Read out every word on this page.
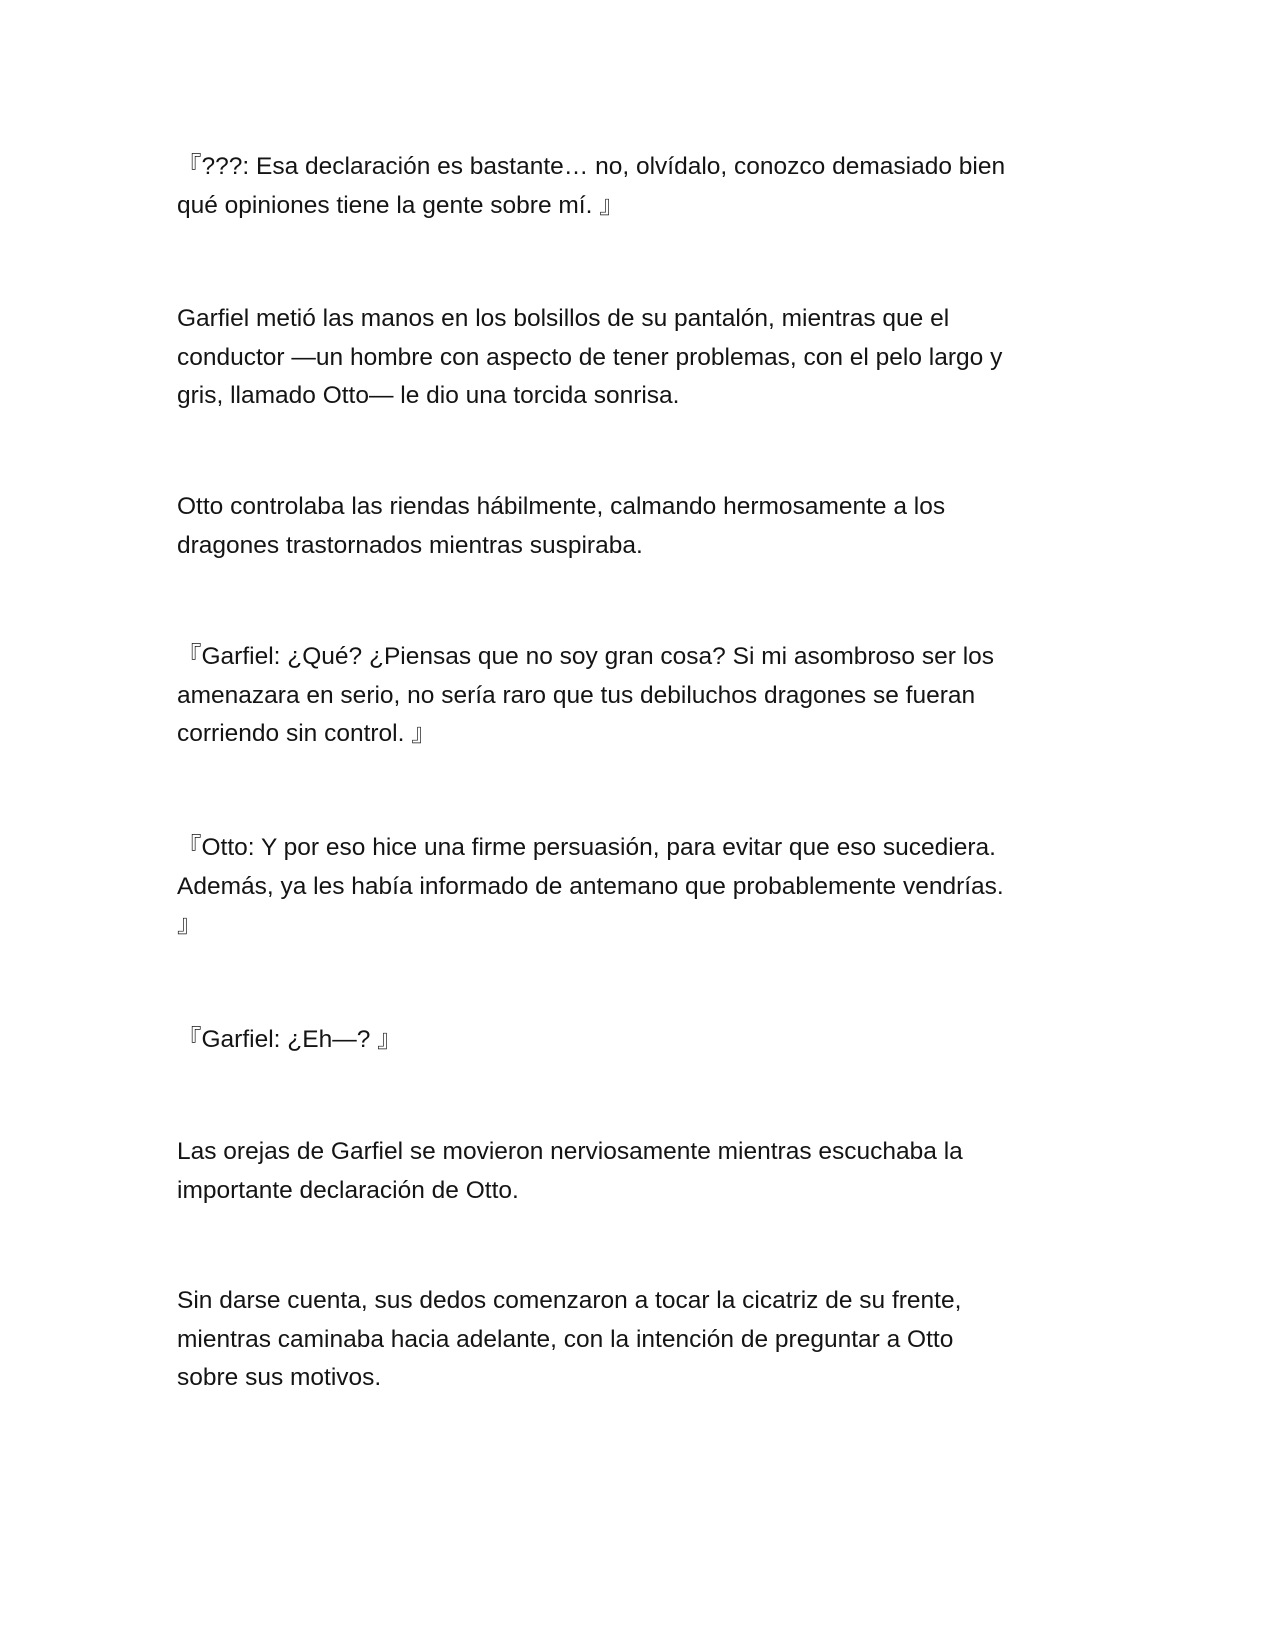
『???: Esa declaración es bastante… no, olvídalo, conozco demasiado bien
qué opiniones tiene la gente sobre mí. 』

Garfiel metió las manos en los bolsillos de su pantalón, mientras que el
conductor —un hombre con aspecto de tener problemas, con el pelo largo y
gris, llamado Otto— le dio una torcida sonrisa.

Otto controlaba las riendas hábilmente, calmando hermosamente a los
dragones trastornados mientras suspiraba.

『Garfiel: ¿Qué? ¿Piensas que no soy gran cosa? Si mi asombroso ser los
amenazara en serio, no sería raro que tus debiluchos dragones se fueran
corriendo sin control. 』

『Otto: Y por eso hice una firme persuasión, para evitar que eso sucediera.
Además, ya les había informado de antemano que probablemente vendrías.
』

『Garfiel: ¿Eh—? 』

Las orejas de Garfiel se movieron nerviosamente mientras escuchaba la
importante declaración de Otto.

Sin darse cuenta, sus dedos comenzaron a tocar la cicatriz de su frente,
mientras caminaba hacia adelante, con la intención de preguntar a Otto
sobre sus motivos.
